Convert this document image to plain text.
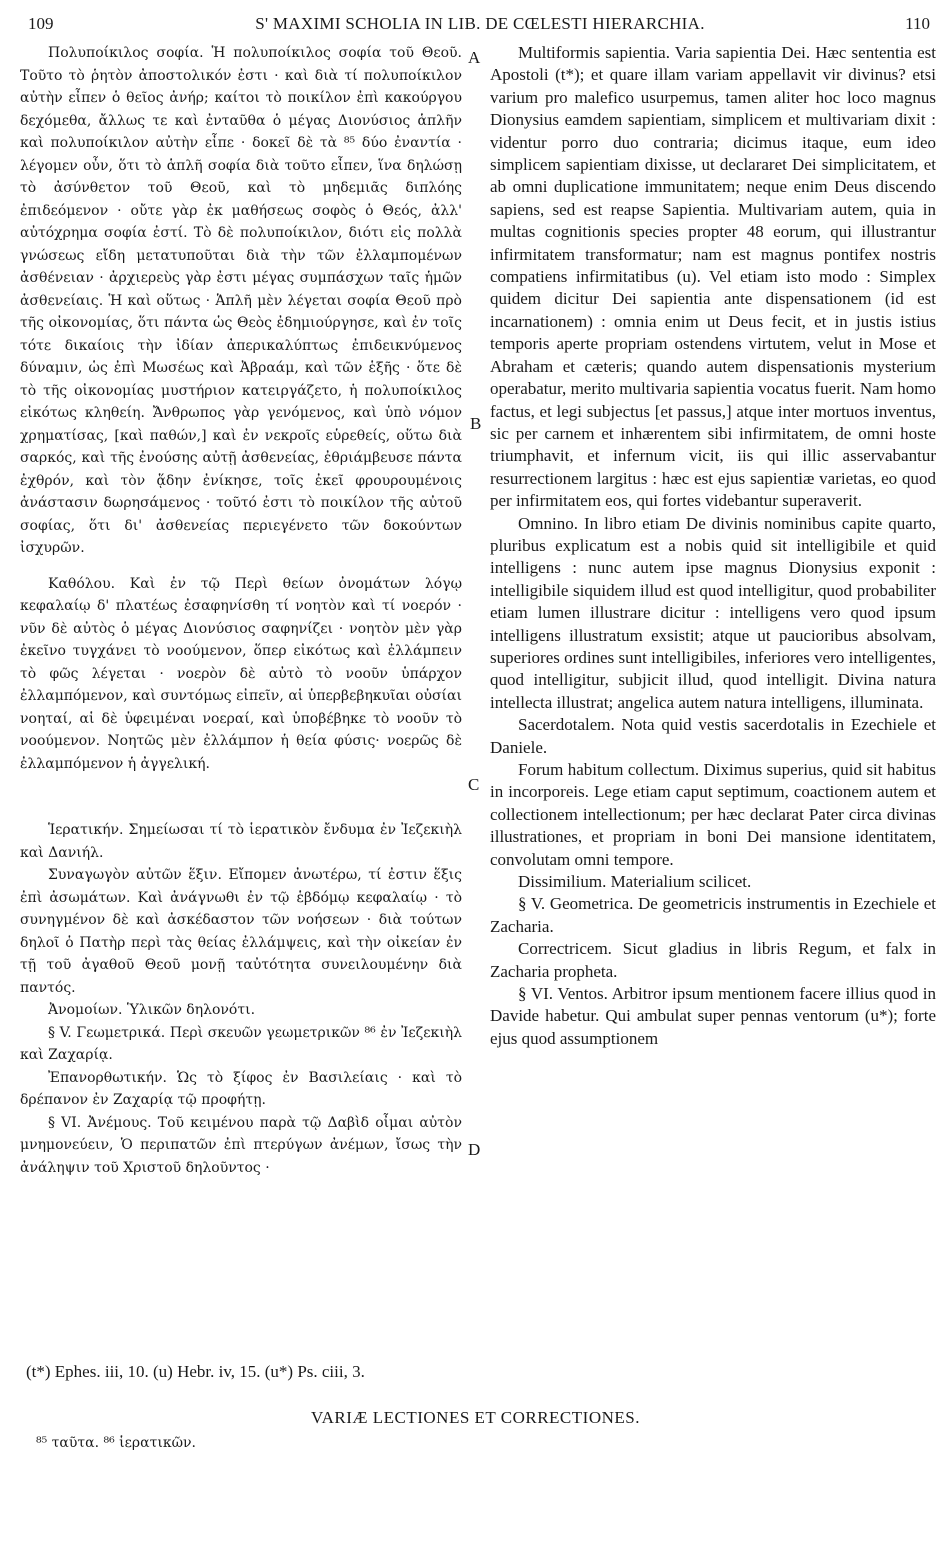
109	S' MAXIMI SCHOLIA IN LIB. DE CŒLESTI HIERARCHIA.	110

Πολυποίκιλος σοφία. Ἡ πολυποίκιλος σοφία τοῦ Θεοῦ. Τοῦτο τὸ ῥητὸν ἀποστολικόν ἐστι · καὶ διὰ τί πολυποίκιλον αὐτὴν εἶπεν ὁ θεῖος ἀνήρ; καίτοι τὸ ποικίλον ἐπὶ κακούργου δεχόμεθα, ἄλλως τε καὶ ἐνταῦθα ὁ μέγας Διονύσιος ἁπλῆν καὶ πολυποίκιλον αὐτὴν εἶπε · δοκεῖ δὲ τὰ ⁸⁵ δύο ἐναντία · λέγομεν οὖν, ὅτι τὸ ἁπλῆ σοφία διὰ τοῦτο εἶπεν, ἵνα δηλώσῃ τὸ ἀσύνθετον τοῦ Θεοῦ, καὶ τὸ μηδεμιᾶς διπλόης ἐπιδεόμενον · οὔτε γὰρ ἐκ μαθήσεως σοφὸς ὁ Θεός, ἀλλ' αὐτόχρημα σοφία ἐστί. Τὸ δὲ πολυποίκιλον, διότι εἰς πολλὰ γνώσεως εἴδη μετατυποῦται διὰ τὴν τῶν ἐλλαμπομένων ἀσθένειαν · ἀρχιερεὺς γὰρ ἐστι μέγας συμπάσχων ταῖς ἡμῶν ἀσθενείαις. Ἡ καὶ οὕτως · Ἁπλῆ μὲν λέγεται σοφία Θεοῦ πρὸ τῆς οἰκονομίας, ὅτι πάντα ὡς Θεὸς ἐδημιούργησε, καὶ ἐν τοῖς τότε δικαίοις τὴν ἰδίαν ἀπερικαλύπτως ἐπιδεικνύμενος δύναμιν, ὡς ἐπὶ Μωσέως καὶ Ἀβραάμ, καὶ τῶν ἑξῆς · ὅτε δὲ τὸ τῆς οἰκονομίας μυστήριον κατειργάζετο, ἡ πολυποίκιλος εἰκότως κληθείη. Ἄνθρωπος γὰρ γενόμενος, καὶ ὑπὸ νόμον χρηματίσας, [καὶ παθών,] καὶ ἐν νεκροῖς εὑρεθείς, οὕτω διὰ σαρκός, καὶ τῆς ἐνούσης αὐτῇ ἀσθενείας, ἐθριάμβευσε πάντα ἐχθρόν, καὶ τὸν ᾅδην ἐνίκησε, τοῖς ἐκεῖ φρουρουμένοις ἀνάστασιν δωρησάμενος · τοῦτό ἐστι τὸ ποικίλον τῆς αὐτοῦ σοφίας, ὅτι δι' ἀσθενείας περιεγένετο τῶν δοκούντων ἰσχυρῶν.

Καθόλου. Καὶ ἐν τῷ Περὶ θείων ὀνομάτων λόγῳ κεφαλαίῳ δ' πλατέως ἐσαφηνίσθη τί νοητὸν καὶ τί νοερόν · νῦν δὲ αὐτὸς ὁ μέγας Διονύσιος σαφηνίζει · νοητὸν μὲν γὰρ ἐκεῖνο τυγχάνει τὸ νοούμενον, ὅπερ εἰκότως καὶ ἐλλάμπειν τὸ φῶς λέγεται · νοερὸν δὲ αὐτὸ τὸ νοοῦν ὑπάρχον ἐλλαμπόμενον, καὶ συντόμως εἰπεῖν, αἱ ὑπερβεβηκυῖαι οὐσίαι νοηταί, αἱ δὲ ὑφειμέναι νοεραί, καὶ ὑποβέβηκε τὸ νοοῦν τὸ νοούμενον. Νοητῶς μὲν ἐλλάμπον ἡ θεία φύσις· νοερῶς δὲ ἐλλαμπόμενον ἡ ἀγγελική.

Ἱερατικήν. Σημείωσαι τί τὸ ἱερατικὸν ἔνδυμα ἐν Ἰεζεκιὴλ καὶ Δανιήλ.

Συναγωγὸν αὐτῶν ἕξιν. Εἴπομεν ἀνωτέρω, τί ἐστιν ἕξις ἐπὶ ἀσωμάτων. Καὶ ἀνάγνωθι ἐν τῷ ἑβδόμῳ κεφαλαίῳ · τὸ συνηγμένον δὲ καὶ ἀσκέδαστον τῶν νοήσεων · διὰ τούτων δηλοῖ ὁ Πατὴρ περὶ τὰς θείας ἐλλάμψεις, καὶ τὴν οἰκείαν ἐν τῇ τοῦ ἀγαθοῦ Θεοῦ μονῇ ταὐτότητα συνειλουμένην διὰ παντός.

Ἀνομοίων. Ὑλικῶν δηλονότι.

§ V. Γεωμετρικά. Περὶ σκευῶν γεωμετρικῶν ⁸⁶ ἐν Ἰεζεκιὴλ καὶ Ζαχαρίᾳ.

Ἐπανορθωτικήν. Ὡς τὸ ξίφος ἐν Βασιλείαις · καὶ τὸ δρέπανον ἐν Ζαχαρίᾳ τῷ προφήτῃ.

§ VI. Ἀνέμους. Τοῦ κειμένου παρὰ τῷ Δαβὶδ οἶμαι αὐτὸν μνημονεύειν, Ὁ περιπατῶν ἐπὶ πτερύγων ἀνέμων, ἴσως τὴν ἀνάληψιν τοῦ Χριστοῦ δηλοῦντος ·

Multiformis sapientia. Varia sapientia Dei. Hæc sententia est Apostoli (t*); et quare illam variam appellavit vir divinus? etsi varium pro malefico usurpemus, tamen aliter hoc loco magnus Dionysius eamdem sapientiam, simplicem et multivariam dixit : videntur porro duo contraria; dicimus itaque, eum ideo simplicem sapientiam dixisse, ut declararet Dei simplicitatem, et ab omni duplicatione immunitatem; neque enim Deus discendo sapiens, sed est reapse Sapientia. Multivariam autem, quia in multas cognitionis species propter 48 eorum, qui illustrantur infirmitatem transformatur; nam est magnus pontifex nostris compatiens infirmitatibus (u). Vel etiam isto modo : Simplex quidem dicitur Dei sapientia ante dispensationem (id est incarnationem) : omnia enim ut Deus fecit, et in justis istius temporis aperte propriam ostendens virtutem, velut in Mose et Abraham et cæteris; quando autem dispensationis mysterium operabatur, merito multivaria sapientia vocatus fuerit. Nam homo factus, et legi subjectus [et passus,] atque inter mortuos inventus, sic per carnem et inhærentem sibi infirmitatem, de omni hoste triumphavit, et infernum vicit, iis qui illic asservabantur resurrectionem largitus : hæc est ejus sapientiæ varietas, eo quod per infirmitatem eos, qui fortes videbantur superaverit.

Omnino. In libro etiam De divinis nominibus capite quarto, pluribus explicatum est a nobis quid sit intelligibile et quid intelligens : nunc autem ipse magnus Dionysius exponit : intelligibile siquidem illud est quod intelligitur, quod probabiliter etiam lumen illustrare dicitur : intelligens vero quod ipsum intelligens illustratum exsistit; atque ut paucioribus absolvam, superiores ordines sunt intelligibiles, inferiores vero intelligentes, quod intelligitur, subjicit illud, quod intelligit. Divina natura intellecta illustrat; angelica autem natura intelligens, illuminata.

Sacerdotalem. Nota quid vestis sacerdotalis in Ezechiele et Daniele.

Forum habitum collectum. Diximus superius, quid sit habitus in incorporeis. Lege etiam caput septimum, coactionem autem et collectionem intellectionum; per hæc declarat Pater circa divinas illustrationes, et propriam in boni Dei mansione identitatem, convolutam omni tempore.

Dissimilium. Materialium scilicet.

§ V. Geometrica. De geometricis instrumentis in Ezechiele et Zacharia.

Correctricem. Sicut gladius in libris Regum, et falx in Zacharia propheta.

§ VI. Ventos. Arbitror ipsum mentionem facere illius quod in Davide habetur. Qui ambulat super pennas ventorum (u*); forte ejus quod assumptionem

A
B
C
D
(t*) Ephes. iii, 10. (u) Hebr. iv, 15. (u*) Ps. ciii, 3.
VARIÆ LECTIONES ET CORRECTIONES.
⁸⁵ ταῦτα. ⁸⁶ ἱερατικῶν.
